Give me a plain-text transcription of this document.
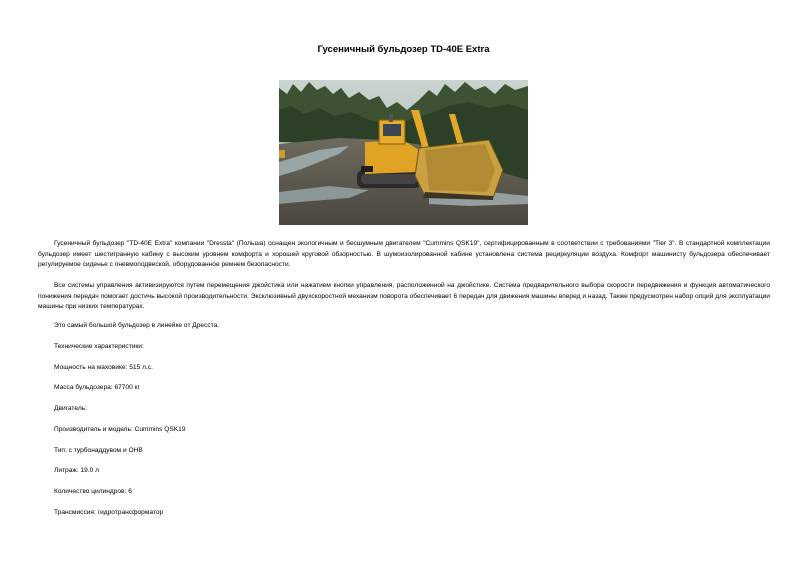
Гусеничный бульдозер TD-40E Extra

Гусеничный бульдозер "TD-40E Extra" компании "Dressta" (Польша) оснащен экологичным и бесшумным двигателем "Cummins QSK19", сертифицированным в соответствии с требованиями "Tier 3". В стандартной комплектации бульдозер имеет шестигранную кабину с высоким уровнем комфорта и хорошей круговой обзорностью. В шумоизолированной кабине установлена система рециркуляции воздуха. Комфорт машинисту бульдозера обеспечивает регулируемое сиденье с пневмоподвеской, оборудованное ремнем безопасности.

Все системы управления активизируются путем перемещения джойстика или нажатием кнопки управления, расположенной на джойстике. Система предварительного выбора скорости передвижения и функция автоматического понижения передач помогает достичь высокой производительности. Эксклюзивный двухскоростной механизм поворота обеспечивает 6 передач для движения машины вперед и назад. Также предусмотрен набор опций для эксплуатации машины при низких температурах.

Это самый большой бульдозер в линейке от Дресста.
Технические характеристики:
Мощность на маховике: 515 л.с.
Масса бульдозера: 67700 кг
Двигатель:
Производитель и модель: Cummins QSK19
Тип: с турбонаддувом и ОНВ
Литраж: 19.0 л
Количество цилиндров: 6
Трансмиссия: гидротрансформатор
